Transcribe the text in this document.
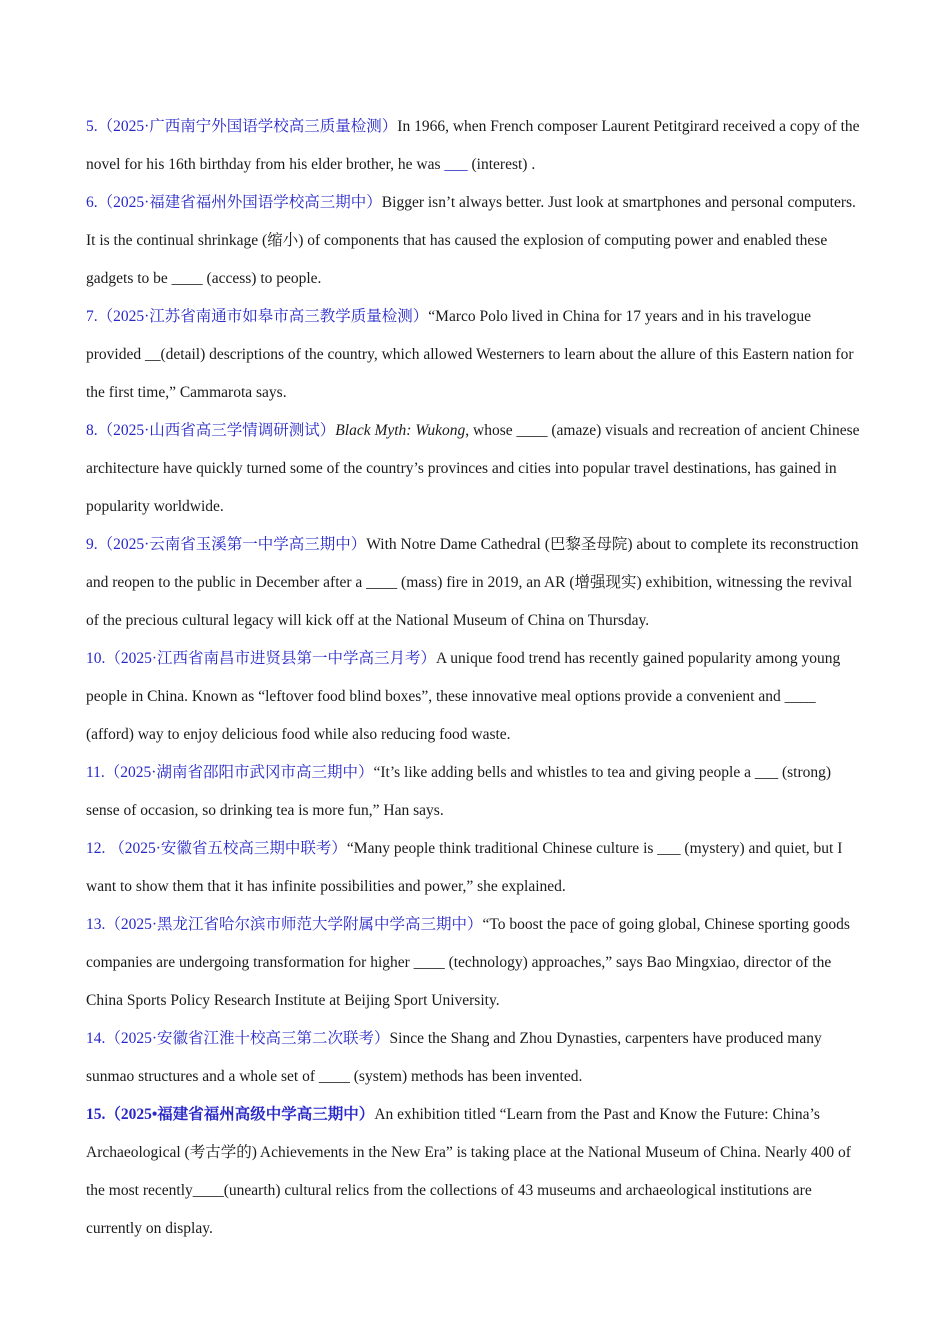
5.（2025·广西南宁外国语学校高三质量检测）In 1966, when French composer Laurent Petitgirard received a copy of the novel for his 16th birthday from his elder brother, he was ___ (interest) .

6.（2025·福建省福州外国语学校高三期中）Bigger isn’t always better. Just look at smartphones and personal computers. It is the continual shrinkage (缩小) of components that has caused the explosion of computing power and enabled these gadgets to be ____ (access) to people.

7.（2025·江苏省南通市如皋市高三教学质量检测）“Marco Polo lived in China for 17 years and in his travelogue provided __(detail) descriptions of the country, which allowed Westerners to learn about the allure of this Eastern nation for the first time,” Cammarota says.

8.（2025·山西省高三学情调研测试）Black Myth: Wukong, whose ____ (amaze) visuals and recreation of ancient Chinese architecture have quickly turned some of the country’s provinces and cities into popular travel destinations, has gained in popularity worldwide.

9.（2025·云南省玉溪第一中学高三期中）With Notre Dame Cathedral (巴黎圣母院) about to complete its reconstruction and reopen to the public in December after a ____ (mass) fire in 2019, an AR (增强现实) exhibition, witnessing the revival of the precious cultural legacy will kick off at the National Museum of China on Thursday.

10.（2025·江西省南昌市进贤县第一中学高三月考）A unique food trend has recently gained popularity among young people in China. Known as “leftover food blind boxes”, these innovative meal options provide a convenient and ____ (afford) way to enjoy delicious food while also reducing food waste.

11.（2025·湖南省邵阳市武冈市高三期中）“It’s like adding bells and whistles to tea and giving people a ___ (strong) sense of occasion, so drinking tea is more fun,” Han says.

12. （2025·安徽省五校高三期中联考）“Many people think traditional Chinese culture is ___ (mystery) and quiet, but I want to show them that it has infinite possibilities and power,” she explained.

13.（2025·黑龙江省哈尔滨市师范大学附属中学高三期中）“To boost the pace of going global, Chinese sporting goods companies are undergoing transformation for higher ____ (technology) approaches,” says Bao Mingxiao, director of the China Sports Policy Research Institute at Beijing Sport University.

14.（2025·安徽省江淮十校高三第二次联考）Since the Shang and Zhou Dynasties, carpenters have produced many sunmao structures and a whole set of ____ (system) methods has been invented.

15.（2025•福建省福州高级中学高三期中）An exhibition titled “Learn from the Past and Know the Future: China’s Archaeological (考古学的) Achievements in the New Era” is taking place at the National Museum of China. Nearly 400 of the most recently____(unearth) cultural relics from the collections of 43 museums and archaeological institutions are currently on display.
